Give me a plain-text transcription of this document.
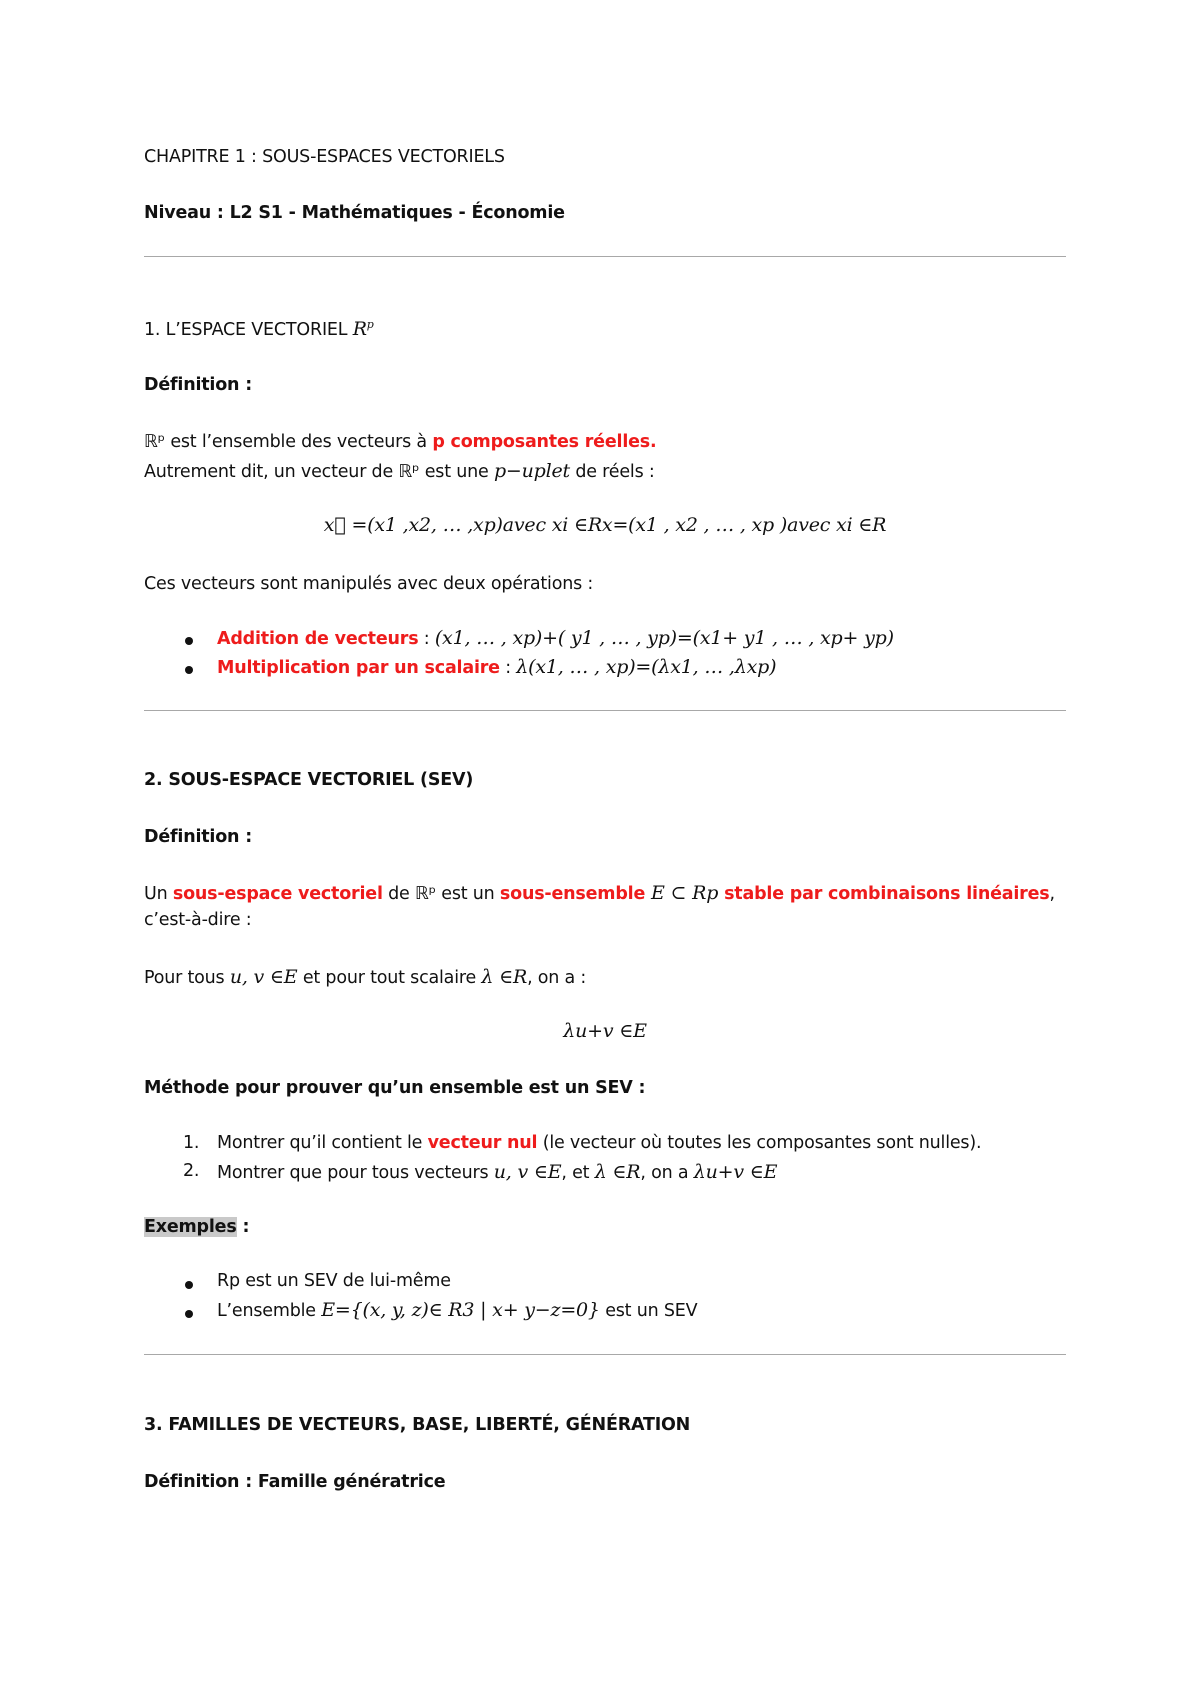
CHAPITRE 1 : SOUS-ESPACES VECTORIELS
Niveau : L2 S1 - Mathématiques - Économie
1. L’ESPACE VECTORIEL $R^p$
Définition :
ℝᵖ est l’ensemble des vecteurs à p composantes réelles.
Autrement dit, un vecteur de ℝᵖ est une p−uplet de réels :
x⃗ =(x1 ,x2, … ,xp)avec xi ∈Rx=(x1 , x2 , … , xp )avec xi ∈R
Ces vecteurs sont manipulés avec deux opérations :
Addition de vecteurs : (x1, … , xp)+( y1 , … , yp)=(x1+ y1 , … , xp+ yp)
Multiplication par un scalaire : λ(x1, … , xp)=(λx1, … ,λxp)
2. SOUS-ESPACE VECTORIEL (SEV)
Définition :
Un sous-espace vectoriel de ℝᵖ est un sous-ensemble E ⊂ Rp stable par combinaisons linéaires,
c’est-à-dire :
Pour tous u, v ∈E et pour tout scalaire λ ∈R, on a :
λu+v ∈E
Méthode pour prouver qu’un ensemble est un SEV :
1. Montrer qu’il contient le vecteur nul (le vecteur où toutes les composantes sont nulles).
2. Montrer que pour tous vecteurs u, v ∈E, et λ ∈R, on a λu+v ∈E
Exemples :
Rp est un SEV de lui-même
L’ensemble E={(x, y, z)∈ R3 | x+ y−z=0} est un SEV
3. FAMILLES DE VECTEURS, BASE, LIBERTÉ, GÉNÉRATION
Définition : Famille génératrice
